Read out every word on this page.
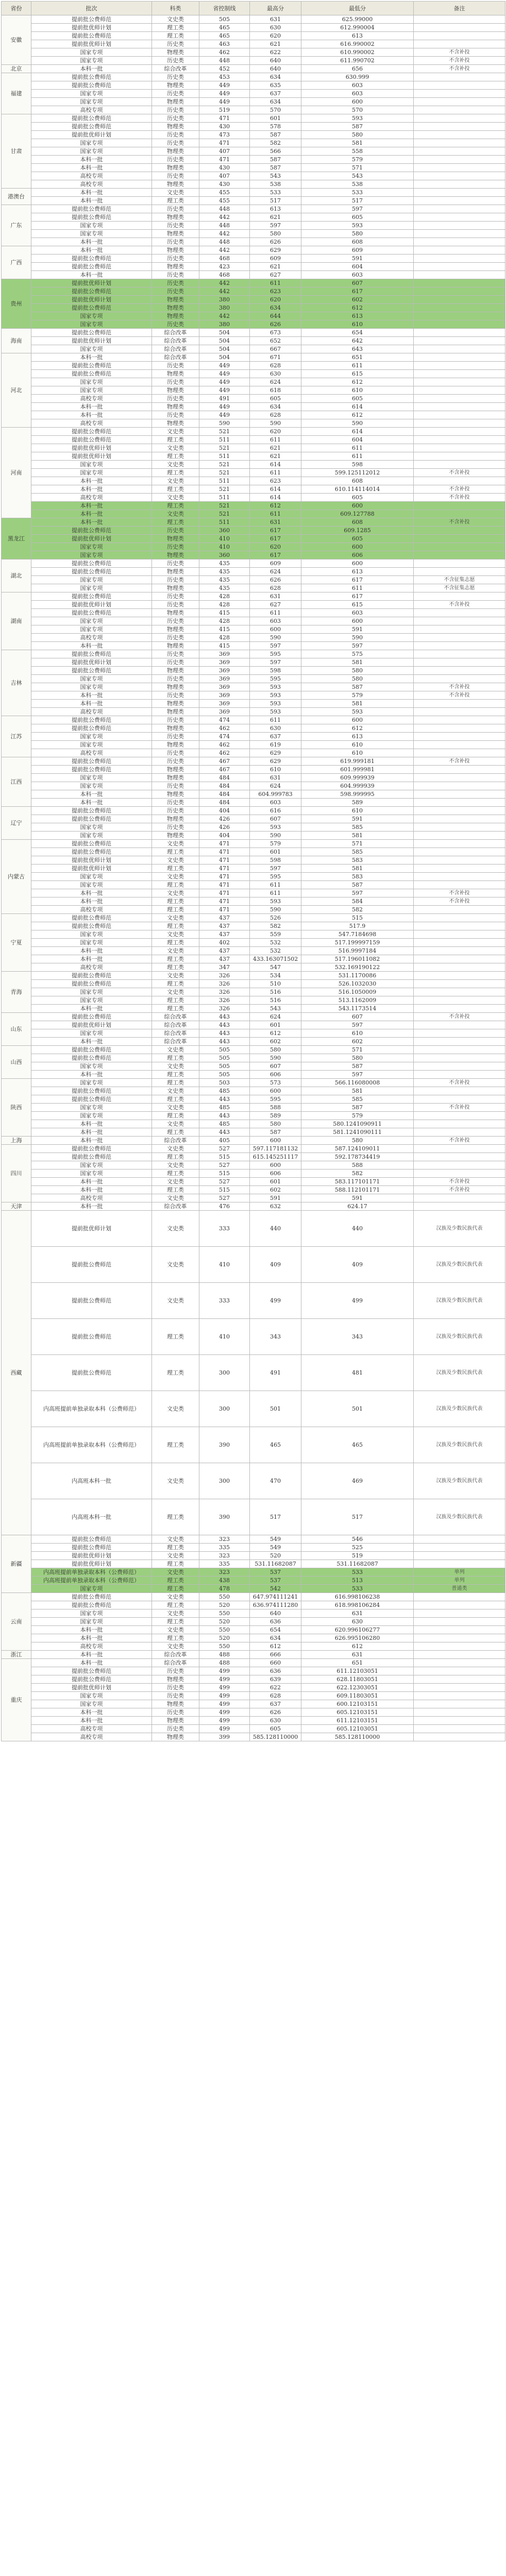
省份	批次	科类	省控制线	最高分	最低分	备注
安徽	提前批公费师范	文史类	505	631	625.99000	
	提前批优师计划	理工类	465	630	612.990004	
	提前批公费师范	理工类	465	620	613	
	提前批优师计划	历史类	463	621	616.990002	
	国家专项	物理类	462	622	610.990002	不含补投
	国家专项	历史类	448	640	611.990702	不含补投
北京	本科一批	综合改革	452	640	656	不含补投
福建	提前批公费师范	历史类	453	634	630.999	
	提前批公费师范	物理类	449	635	603	
	国家专项	历史类	449	637	603	
	国家专项	物理类	449	634	600	
	高校专项	历史类	519	570	570	
甘肃	提前批公费师范	历史类	471	601	593	
	提前批公费师范	物理类	430	578	587	
	提前批优师计划	历史类	473	587	580	
	国家专项	历史类	471	582	581	
	国家专项	物理类	407	566	558	
	本科一批	历史类	471	587	579	
	本科一批	物理类	430	587	571	
	高校专项	历史类	407	543	543	
	高校专项	物理类	430	538	538	
港澳台	本科一批	文史类	455	533	533	
	本科一批	理工类	455	517	517	
广东	提前批公费师范	历史类	448	613	597	
	提前批公费师范	物理类	442	621	605	
	国家专项	历史类	448	597	593	
	国家专项	物理类	442	580	580	
	本科一批	历史类	448	626	608	
广西	本科一批	物理类	442	629	609	
	提前批公费师范	历史类	468	609	591	
	提前批公费师范	物理类	423	621	604	
	本科一批	历史类	468	627	603	
贵州	提前批优师计划	历史类	442	611	607	
	提前批公费师范	历史类	442	623	617	
	提前批优师计划	物理类	380	620	602	
	提前批公费师范	物理类	380	634	612	
	国家专项	物理类	442	644	613	
	国家专项	历史类	380	626	610	
海南	提前批公费师范	综合改革	504	673	654	
	提前批优师计划	综合改革	504	652	642	
	国家专项	综合改革	504	667	643	
河北	本科一批	综合改革	504	671	651	
	提前批公费师范	历史类	449	628	611	
	提前批公费师范	物理类	449	630	615	
	国家专项	历史类	449	624	612	
	国家专项	物理类	449	618	610	
	高校专项	历史类	491	605	605	
	本科一批	物理类	449	634	614	
	本科一批	历史类	449	628	612	
	高校专项	物理类	590	590	590	
河南	提前批公费师范	文史类	521	620	614	
	提前批公费师范	理工类	511	611	604	
	提前批优师计划	文史类	521	621	611	
	提前批优师计划	理工类	511	621	611	
	国家专项	文史类	521	614	598	
	国家专项	理工类	521	611	599.125112012	不含补投
	本科一批	文史类	511	623	608	
	本科一批	理工类	521	614	610.114114014	不含补投
	高校专项	文史类	511	614	605	不含补投
	本科一批	理工类	521	612	600	
	本科一批	文史类	521	611	609.127788	
黑龙江	本科一批	理工类	511	631	608	不含补投
	提前批公费师范	历史类	360	617	609.1285	
	提前批优师计划	物理类	410	617	605	
	国家专项	历史类	410	620	600	
	国家专项	物理类	360	617	606	
湖北	提前批公费师范	历史类	435	609	600	
	提前批公费师范	物理类	435	624	613	
	国家专项	历史类	435	626	617	不含征集志愿
	国家专项	物理类	435	628	611	不含征集志愿
湖南	提前批公费师范	历史类	428	631	617	
	提前批优师计划	历史类	428	627	615	不含补投
	提前批公费师范	物理类	415	611	603	
	国家专项	历史类	428	603	600	
	国家专项	物理类	415	600	591	
	高校专项	历史类	428	590	590	
	本科一批	物理类	415	597	597	
吉林	提前批公费师范	历史类	369	595	575	
	提前批优师计划	历史类	369	597	581	
	提前批公费师范	物理类	369	598	580	
	国家专项	历史类	369	595	580	
	国家专项	物理类	369	593	587	不含补投
	本科一批	历史类	369	593	579	不含补投
	本科一批	物理类	369	593	581	
	高校专项	物理类	369	593	593	
江苏	提前批公费师范	历史类	474	611	600	
	提前批公费师范	物理类	462	630	612	
	国家专项	历史类	474	637	613	
	国家专项	物理类	462	619	610	
	高校专项	历史类	462	629	610	
江西	提前批公费师范	历史类	467	629	619.999181	不含补投
	提前批公费师范	物理类	467	610	601.999981	
	国家专项	物理类	484	631	609.999939	
	国家专项	历史类	484	624	604.999939	
	本科一批	物理类	484	604.999783	598.999995	
	本科一批	历史类	484	603	589	
辽宁	提前批公费师范	历史类	404	616	610	
	提前批公费师范	物理类	426	607	591	
	国家专项	历史类	426	593	585	
	国家专项	物理类	404	590	581	
内蒙古	提前批公费师范	文史类	471	579	571	
	提前批公费师范	理工类	471	601	585	
	提前批优师计划	文史类	471	598	583	
	提前批优师计划	理工类	471	597	581	
	国家专项	文史类	471	595	583	
	国家专项	理工类	471	611	587	
	本科一批	文史类	471	611	597	不含补投
	本科一批	理工类	471	593	584	不含补投
	高校专项	理工类	471	590	582	
宁夏	提前批公费师范	文史类	437	526	515	
	提前批公费师范	理工类	437	582	517.9	
	国家专项	文史类	437	559	547.7184698	
	国家专项	理工类	402	532	517.199997159	
	本科一批	文史类	437	532	516.9997184	
	本科一批	理工类	437	433.163071502	517.196011082	
	高校专项	理工类	347	547	532.169190122	
青海	提前批公费师范	文史类	326	534	531.1170086	
	提前批公费师范	理工类	326	510	526.1032030	
	国家专项	文史类	326	516	516.1050009	
	国家专项	理工类	326	516	513.1162009	
	本科一批	理工类	326	543	543.1173514	
山东	提前批公费师范	综合改革	443	624	607	不含补投
	提前批优师计划	综合改革	443	601	597	
	国家专项	综合改革	443	612	610	
	本科一批	综合改革	443	602	602	
山西	提前批公费师范	文史类	505	580	571	
	提前批公费师范	理工类	505	590	580	
	国家专项	文史类	505	607	587	
	本科一批	理工类	505	606	597	
陕西	国家专项	理工类	503	573	566.116080008	不含补投
	提前批公费师范	文史类	485	600	581	
	提前批公费师范	理工类	443	595	585	
	国家专项	文史类	485	588	587	不含补投
	国家专项	理工类	443	589	579	
	本科一批	文史类	485	580	580.1241090911	
	本科一批	理工类	443	587	581.1241090111	
上海	本科一批	综合改革	405	600	580	不含补投
四川	提前批公费师范	文史类	527	597.117181132	587.124109011	
	提前批公费师范	理工类	515	615.145251117	592.178734419	
	国家专项	文史类	527	600	588	
	国家专项	理工类	515	606	582	
	本科一批	文史类	527	601	583.117101171	不含补投
	本科一批	理工类	515	602	588.112101171	不含补投
	高校专项	文史类	527	591	591	
天津	本科一批	综合改革	476	632	624.17	
西藏	提前批优师计划	文史类	333	440	440	汉族及少数民族代表
	提前批公费师范	文史类	410	409	409	汉族及少数民族代表
	提前批公费师范	文史类	333	499	499	汉族及少数民族代表
	提前批公费师范	理工类	410	343	343	汉族及少数民族代表
	提前批公费师范	理工类	300	491	481	汉族及少数民族代表
	内高班提前单独录取本科（公费师范）	文史类	300	501	501	汉族及少数民族代表
	内高班提前单独录取本科（公费师范）	理工类	390	465	465	汉族及少数民族代表
	内高班本科一批	文史类	300	470	469	汉族及少数民族代表
	内高班本科一批	理工类	390	517	517	汉族及少数民族代表
新疆	提前批公费师范	文史类	323	549	546	
	提前批公费师范	理工类	335	549	525	
	提前批优师计划	文史类	323	520	519	
	提前批优师计划	理工类	335	531.11682087	531.11682087	
	内高班提前单独录取本科（公费师范）	文史类	323	537	533	单列
	内高班提前单独录取本科（公费师范）	理工类	438	537	513	单列
	国家专项	理工类	478	542	533	普通类
云南	提前批公费师范	文史类	550	647.974111241	616.998106238	
	提前批公费师范	理工类	520	636.974111280	618.998106284	
	国家专项	文史类	550	640	631	
	国家专项	理工类	520	636	630	
	本科一批	文史类	550	654	620.996106277	
	本科一批	理工类	520	634	626.995106280	
	高校专项	文史类	550	612	612	
浙江	本科一批	综合改革	488	666	631	
重庆	本科一批	综合改革	488	660	651	
	提前批公费师范	历史类	499	636	611.12103051	
	提前批公费师范	物理类	499	639	628.11803051	
	提前批优师计划	历史类	499	622	622.12303051	
	国家专项	历史类	499	628	609.11803051	
	国家专项	物理类	499	637	600.12103151	
	本科一批	历史类	499	626	605.12103151	
	本科一批	物理类	499	630	611.12103151	
	高校专项	历史类	499	605	605.12103051	
	高校专项	物理类	399	585.128110000	585.128110000	
